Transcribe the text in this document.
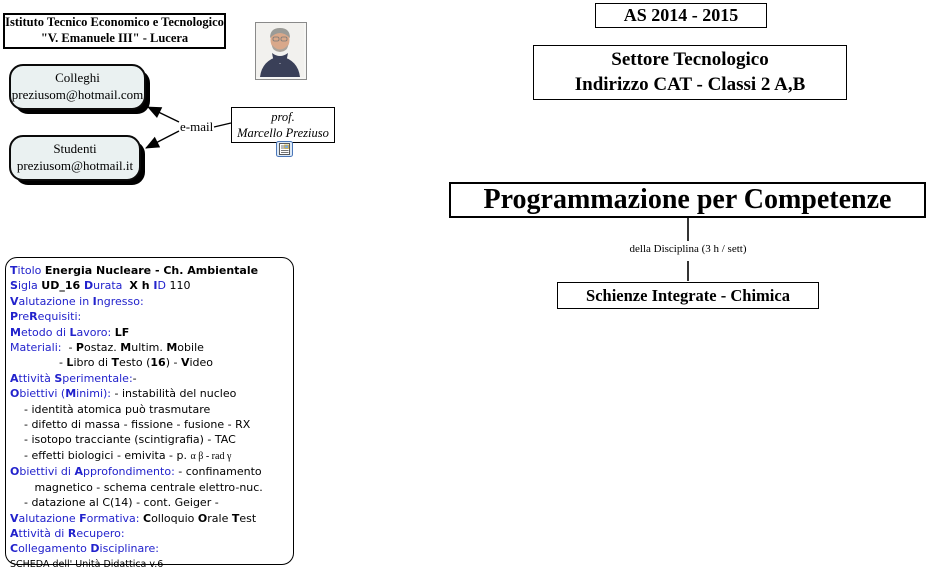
Istituto Tecnico Economico e Tecnologico
"V. Emanuele III" - Lucera
Colleghi
preziusom@hotmail.com
Studenti
preziusom@hotmail.it
e-mail
prof.
Marcello Preziuso
AS 2014 - 2015
Settore Tecnologico
Indirizzo CAT - Classi 2 A,B
Programmazione per Competenze
della Disciplina (3 h / sett)
Schienze Integrate - Chimica
Titolo Energia Nucleare - Ch. Ambientale
Sigla UD_16 Durata  X h ID 110
Valutazione in Ingresso:
PreRequisiti:
Metodo di Lavoro: LF
Materiali:  - Postaz. Multim. Mobile
- Libro di Testo (16) - Video
Attività Sperimentale:-
Obiettivi (Minimi): - instabilità del nucleo
- identità atomica può trasmutare
- difetto di massa - fissione - fusione - RX
- isotopo tracciante (scintigrafia) - TAC
- effetti biologici - emivita - p. α β - rad γ
Obiettivi di Approfondimento: - confinamento
magnetico - schema centrale elettro-nuc.
- datazione al C(14) - cont. Geiger -
Valutazione Formativa: Colloquio Orale Test
Attività di Recupero:
Collegamento Disciplinare:
SCHEDA dell' Unità Didattica v.6
